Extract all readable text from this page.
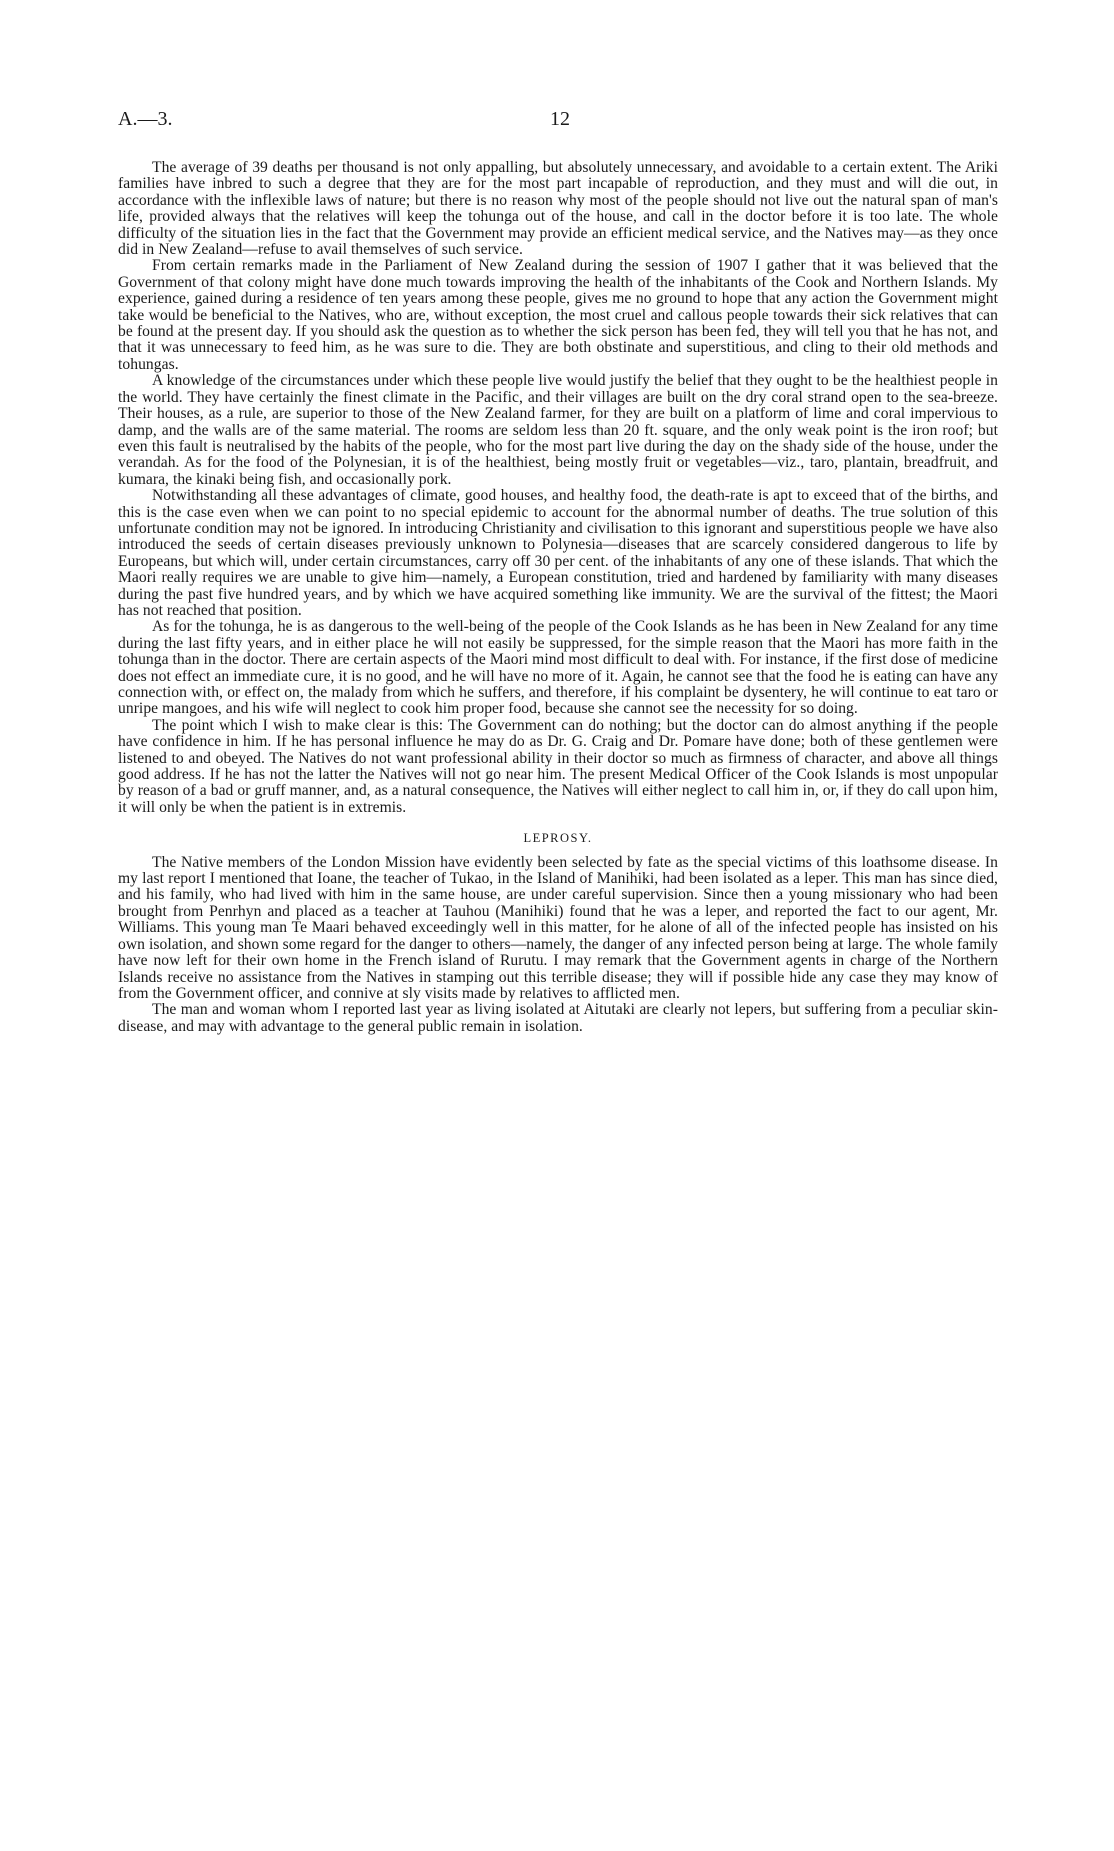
A.—3.	12

The average of 39 deaths per thousand is not only appalling, but absolutely unnecessary, and avoidable to a certain extent. The Ariki families have inbred to such a degree that they are for the most part incapable of reproduction, and they must and will die out, in accordance with the inflexible laws of nature; but there is no reason why most of the people should not live out the natural span of man's life, provided always that the relatives will keep the tohunga out of the house, and call in the doctor before it is too late. The whole difficulty of the situation lies in the fact that the Government may provide an efficient medical service, and the Natives may—as they once did in New Zealand—refuse to avail themselves of such service.

From certain remarks made in the Parliament of New Zealand during the session of 1907 I gather that it was believed that the Government of that colony might have done much towards improving the health of the inhabitants of the Cook and Northern Islands. My experience, gained during a residence of ten years among these people, gives me no ground to hope that any action the Government might take would be beneficial to the Natives, who are, without exception, the most cruel and callous people towards their sick relatives that can be found at the present day. If you should ask the question as to whether the sick person has been fed, they will tell you that he has not, and that it was unnecessary to feed him, as he was sure to die. They are both obstinate and superstitious, and cling to their old methods and tohungas.

A knowledge of the circumstances under which these people live would justify the belief that they ought to be the healthiest people in the world. They have certainly the finest climate in the Pacific, and their villages are built on the dry coral strand open to the sea-breeze. Their houses, as a rule, are superior to those of the New Zealand farmer, for they are built on a platform of lime and coral impervious to damp, and the walls are of the same material. The rooms are seldom less than 20 ft. square, and the only weak point is the iron roof; but even this fault is neutralised by the habits of the people, who for the most part live during the day on the shady side of the house, under the verandah. As for the food of the Polynesian, it is of the healthiest, being mostly fruit or vegetables—viz., taro, plantain, breadfruit, and kumara, the kinaki being fish, and occasionally pork.

Notwithstanding all these advantages of climate, good houses, and healthy food, the death-rate is apt to exceed that of the births, and this is the case even when we can point to no special epidemic to account for the abnormal number of deaths. The true solution of this unfortunate condition may not be ignored. In introducing Christianity and civilisation to this ignorant and superstitious people we have also introduced the seeds of certain diseases previously unknown to Polynesia—diseases that are scarcely considered dangerous to life by Europeans, but which will, under certain circumstances, carry off 30 per cent. of the inhabitants of any one of these islands. That which the Maori really requires we are unable to give him—namely, a European constitution, tried and hardened by familiarity with many diseases during the past five hundred years, and by which we have acquired something like immunity. We are the survival of the fittest; the Maori has not reached that position.

As for the tohunga, he is as dangerous to the well-being of the people of the Cook Islands as he has been in New Zealand for any time during the last fifty years, and in either place he will not easily be suppressed, for the simple reason that the Maori has more faith in the tohunga than in the doctor. There are certain aspects of the Maori mind most difficult to deal with. For instance, if the first dose of medicine does not effect an immediate cure, it is no good, and he will have no more of it. Again, he cannot see that the food he is eating can have any connection with, or effect on, the malady from which he suffers, and therefore, if his complaint be dysentery, he will continue to eat taro or unripe mangoes, and his wife will neglect to cook him proper food, because she cannot see the necessity for so doing.

The point which I wish to make clear is this: The Government can do nothing; but the doctor can do almost anything if the people have confidence in him. If he has personal influence he may do as Dr. G. Craig and Dr. Pomare have done; both of these gentlemen were listened to and obeyed. The Natives do not want professional ability in their doctor so much as firmness of character, and above all things good address. If he has not the latter the Natives will not go near him. The present Medical Officer of the Cook Islands is most unpopular by reason of a bad or gruff manner, and, as a natural consequence, the Natives will either neglect to call him in, or, if they do call upon him, it will only be when the patient is in extremis.

LEPROSY.

The Native members of the London Mission have evidently been selected by fate as the special victims of this loathsome disease. In my last report I mentioned that Ioane, the teacher of Tukao, in the Island of Manihiki, had been isolated as a leper. This man has since died, and his family, who had lived with him in the same house, are under careful supervision. Since then a young missionary who had been brought from Penrhyn and placed as a teacher at Tauhou (Manihiki) found that he was a leper, and reported the fact to our agent, Mr. Williams. This young man Te Maari behaved exceedingly well in this matter, for he alone of all of the infected people has insisted on his own isolation, and shown some regard for the danger to others—namely, the danger of any infected person being at large. The whole family have now left for their own home in the French island of Rurutu. I may remark that the Government agents in charge of the Northern Islands receive no assistance from the Natives in stamping out this terrible disease; they will if possible hide any case they may know of from the Government officer, and connive at sly visits made by relatives to afflicted men.

The man and woman whom I reported last year as living isolated at Aitutaki are clearly not lepers, but suffering from a peculiar skin-disease, and may with advantage to the general public remain in isolation.
